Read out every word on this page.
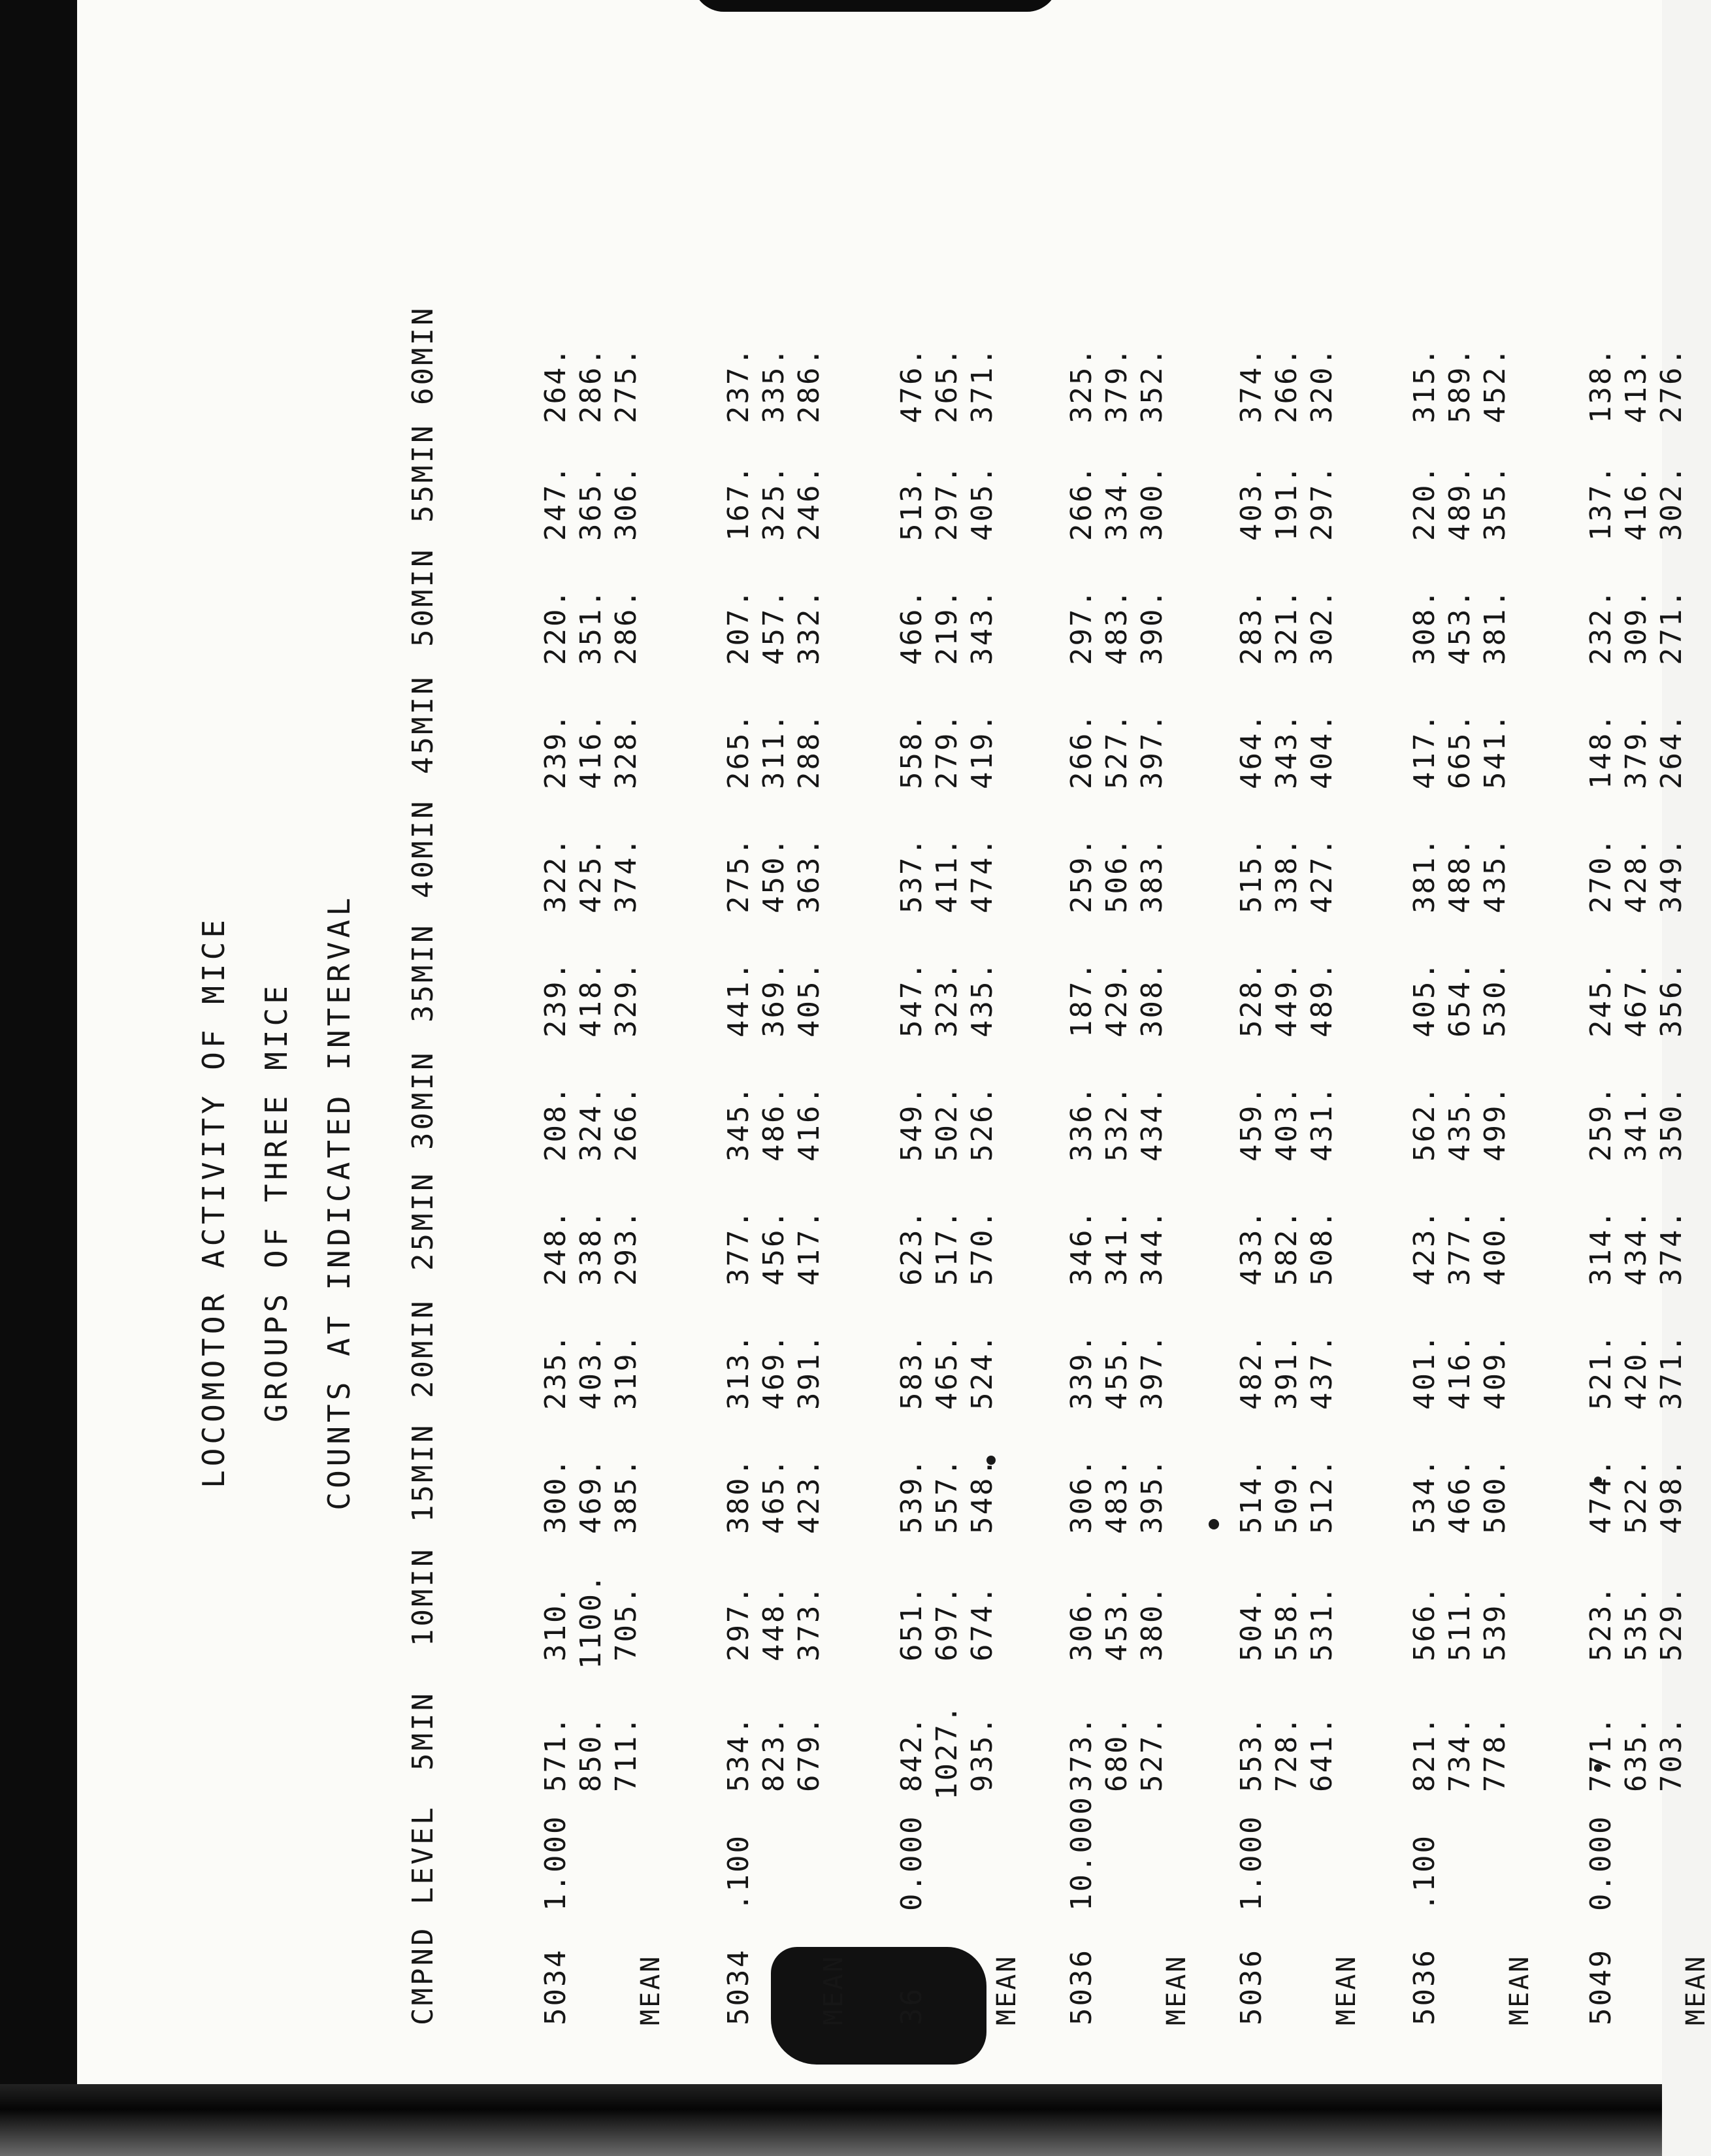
LOCOMOTOR ACTIVITY OF MICE GROUPS OF THREE MICE COUNTS AT INDICATED INTERVAL
CMPND
LEVEL
5MIN
10MIN
15MIN
20MIN
25MIN
30MIN
35MIN
40MIN
45MIN
50MIN
55MIN
60MIN
5034
1.000
MEAN
571.
310.
300.
235.
248.
208.
239.
322.
239.
220.
247.
264.
850.
1100.
469.
403.
338.
324.
418.
425.
416.
351.
365.
286.
711.
705.
385.
319.
293.
266.
329.
374.
328.
286.
306.
275.
5034
.100
MEAN
534.
297.
380.
313.
377.
345.
441.
275.
265.
207.
167.
237.
823.
448.
465.
469.
456.
486.
369.
450.
311.
457.
325.
335.
679.
373.
423.
391.
417.
416.
405.
363.
288.
332.
246.
286.
36
0.000
MEAN
842.
651.
539.
583.
623.
549.
547.
537.
558.
466.
513.
476.
1027.
697.
557.
465.
517.
502.
323.
411.
279.
219.
297.
265.
935.
674.
548.
524.
570.
526.
435.
474.
419.
343.
405.
371.
5036
10.000
MEAN
373.
306.
306.
339.
346.
336.
187.
259.
266.
297.
266.
325.
680.
453.
483.
455.
341.
532.
429.
506.
527.
483.
334.
379.
527.
380.
395.
397.
344.
434.
308.
383.
397.
390.
300.
352.
5036
1.000
MEAN
553.
504.
514.
482.
433.
459.
528.
515.
464.
283.
403.
374.
728.
558.
509.
391.
582.
403.
449.
338.
343.
321.
191.
266.
641.
531.
512.
437.
508.
431.
489.
427.
404.
302.
297.
320.
5036
.100
MEAN
821.
566.
534.
401.
423.
562.
405.
381.
417.
308.
220.
315.
734.
511.
466.
416.
377.
435.
654.
488.
665.
453.
489.
589.
778.
539.
500.
409.
400.
499.
530.
435.
541.
381.
355.
452.
5049
0.000
MEAN
771.
523.
474.
521.
314.
259.
245.
270.
148.
232.
137.
138.
635.
535.
522.
420.
434.
341.
467.
428.
379.
309.
416.
413.
703.
529.
498.
371.
374.
350.
356.
349.
264.
271.
302.
276.
